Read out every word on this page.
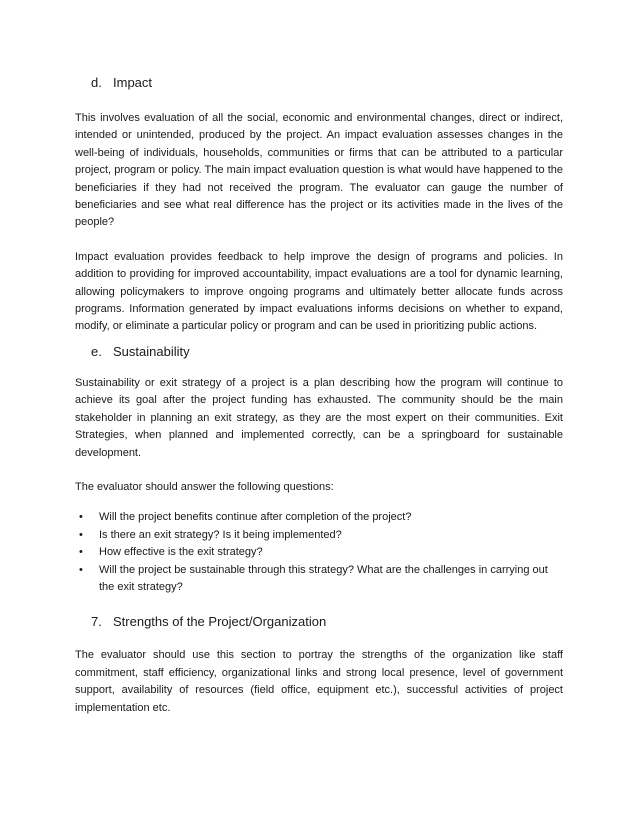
d. Impact

This involves evaluation of all the social, economic and environmental changes, direct or indirect, intended or unintended, produced by the project. An impact evaluation assesses changes in the well-being of individuals, households, communities or firms that can be attributed to a particular project, program or policy. The main impact evaluation question is what would have happened to the beneficiaries if they had not received the program. The evaluator can gauge the number of beneficiaries and see what real difference has the project or its activities made in the lives of the people?

Impact evaluation provides feedback to help improve the design of programs and policies. In addition to providing for improved accountability, impact evaluations are a tool for dynamic learning, allowing policymakers to improve ongoing programs and ultimately better allocate funds across programs. Information generated by impact evaluations informs decisions on whether to expand, modify, or eliminate a particular policy or program and can be used in prioritizing public actions.

e. Sustainability

Sustainability or exit strategy of a project is a plan describing how the program will continue to achieve its goal after the project funding has exhausted. The community should be the main stakeholder in planning an exit strategy, as they are the most expert on their communities. Exit Strategies, when planned and implemented correctly, can be a springboard for sustainable development.

The evaluator should answer the following questions:

• Will the project benefits continue after completion of the project?
• Is there an exit strategy? Is it being implemented?
• How effective is the exit strategy?
• Will the project be sustainable through this strategy? What are the challenges in carrying out the exit strategy?
7. Strengths of the Project/Organization

The evaluator should use this section to portray the strengths of the organization like staff commitment, staff efficiency, organizational links and strong local presence, level of government support, availability of resources (field office, equipment etc.), successful activities of project implementation etc.
